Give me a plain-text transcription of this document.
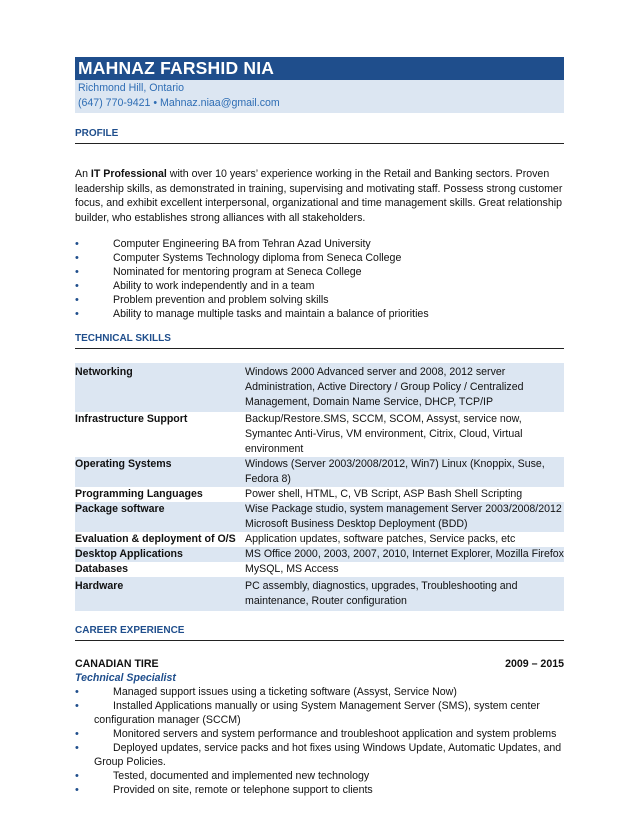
MAHNAZ FARSHID NIA
Richmond Hill, Ontario
(647) 770-9421 • Mahnaz.niaa@gmail.com
PROFILE
An IT Professional with over 10 years’ experience working in the Retail and Banking sectors. Proven leadership skills, as demonstrated in training, supervising and motivating staff. Possess strong customer focus, and exhibit excellent interpersonal, organizational and time management skills. Great relationship builder, who establishes strong alliances with all stakeholders.
•	Computer Engineering BA from Tehran Azad University
•	Computer Systems Technology diploma from Seneca College
•	Nominated for mentoring program at Seneca College
•	Ability to work independently and in a team
•	Problem prevention and problem solving skills
•	Ability to manage multiple tasks and maintain a balance of priorities
TECHNICAL SKILLS
Networking	Windows 2000 Advanced server and 2008, 2012 server Administration, Active Directory / Group Policy / Centralized Management, Domain Name Service, DHCP, TCP/IP
Infrastructure Support	Backup/Restore.SMS, SCCM, SCOM, Assyst, service now, Symantec Anti-Virus, VM environment, Citrix, Cloud, Virtual environment
Operating Systems	Windows (Server 2003/2008/2012, Win7) Linux (Knoppix, Suse, Fedora 8)
Programming Languages	Power shell, HTML, C, VB Script, ASP Bash Shell Scripting
Package software	Wise Package studio, system management Server 2003/2008/2012 Microsoft Business Desktop Deployment (BDD)
Evaluation & deployment of O/S	Application updates, software patches, Service packs, etc
Desktop Applications	MS Office 2000, 2003, 2007, 2010, Internet Explorer, Mozilla Firefox
Databases	MySQL, MS Access
Hardware	PC assembly, diagnostics, upgrades, Troubleshooting and maintenance, Router configuration
CAREER EXPERIENCE
CANADIAN TIRE	2009 – 2015
Technical Specialist
•	Managed support issues using a ticketing software (Assyst, Service Now)
•	Installed Applications manually or using System Management Server (SMS), system center configuration manager (SCCM)
•	Monitored servers and system performance and troubleshoot application and system problems
•	Deployed updates, service packs and hot fixes using Windows Update, Automatic Updates, and Group Policies.
•	Tested, documented and implemented new technology
•	Provided on site, remote or telephone support to clients
